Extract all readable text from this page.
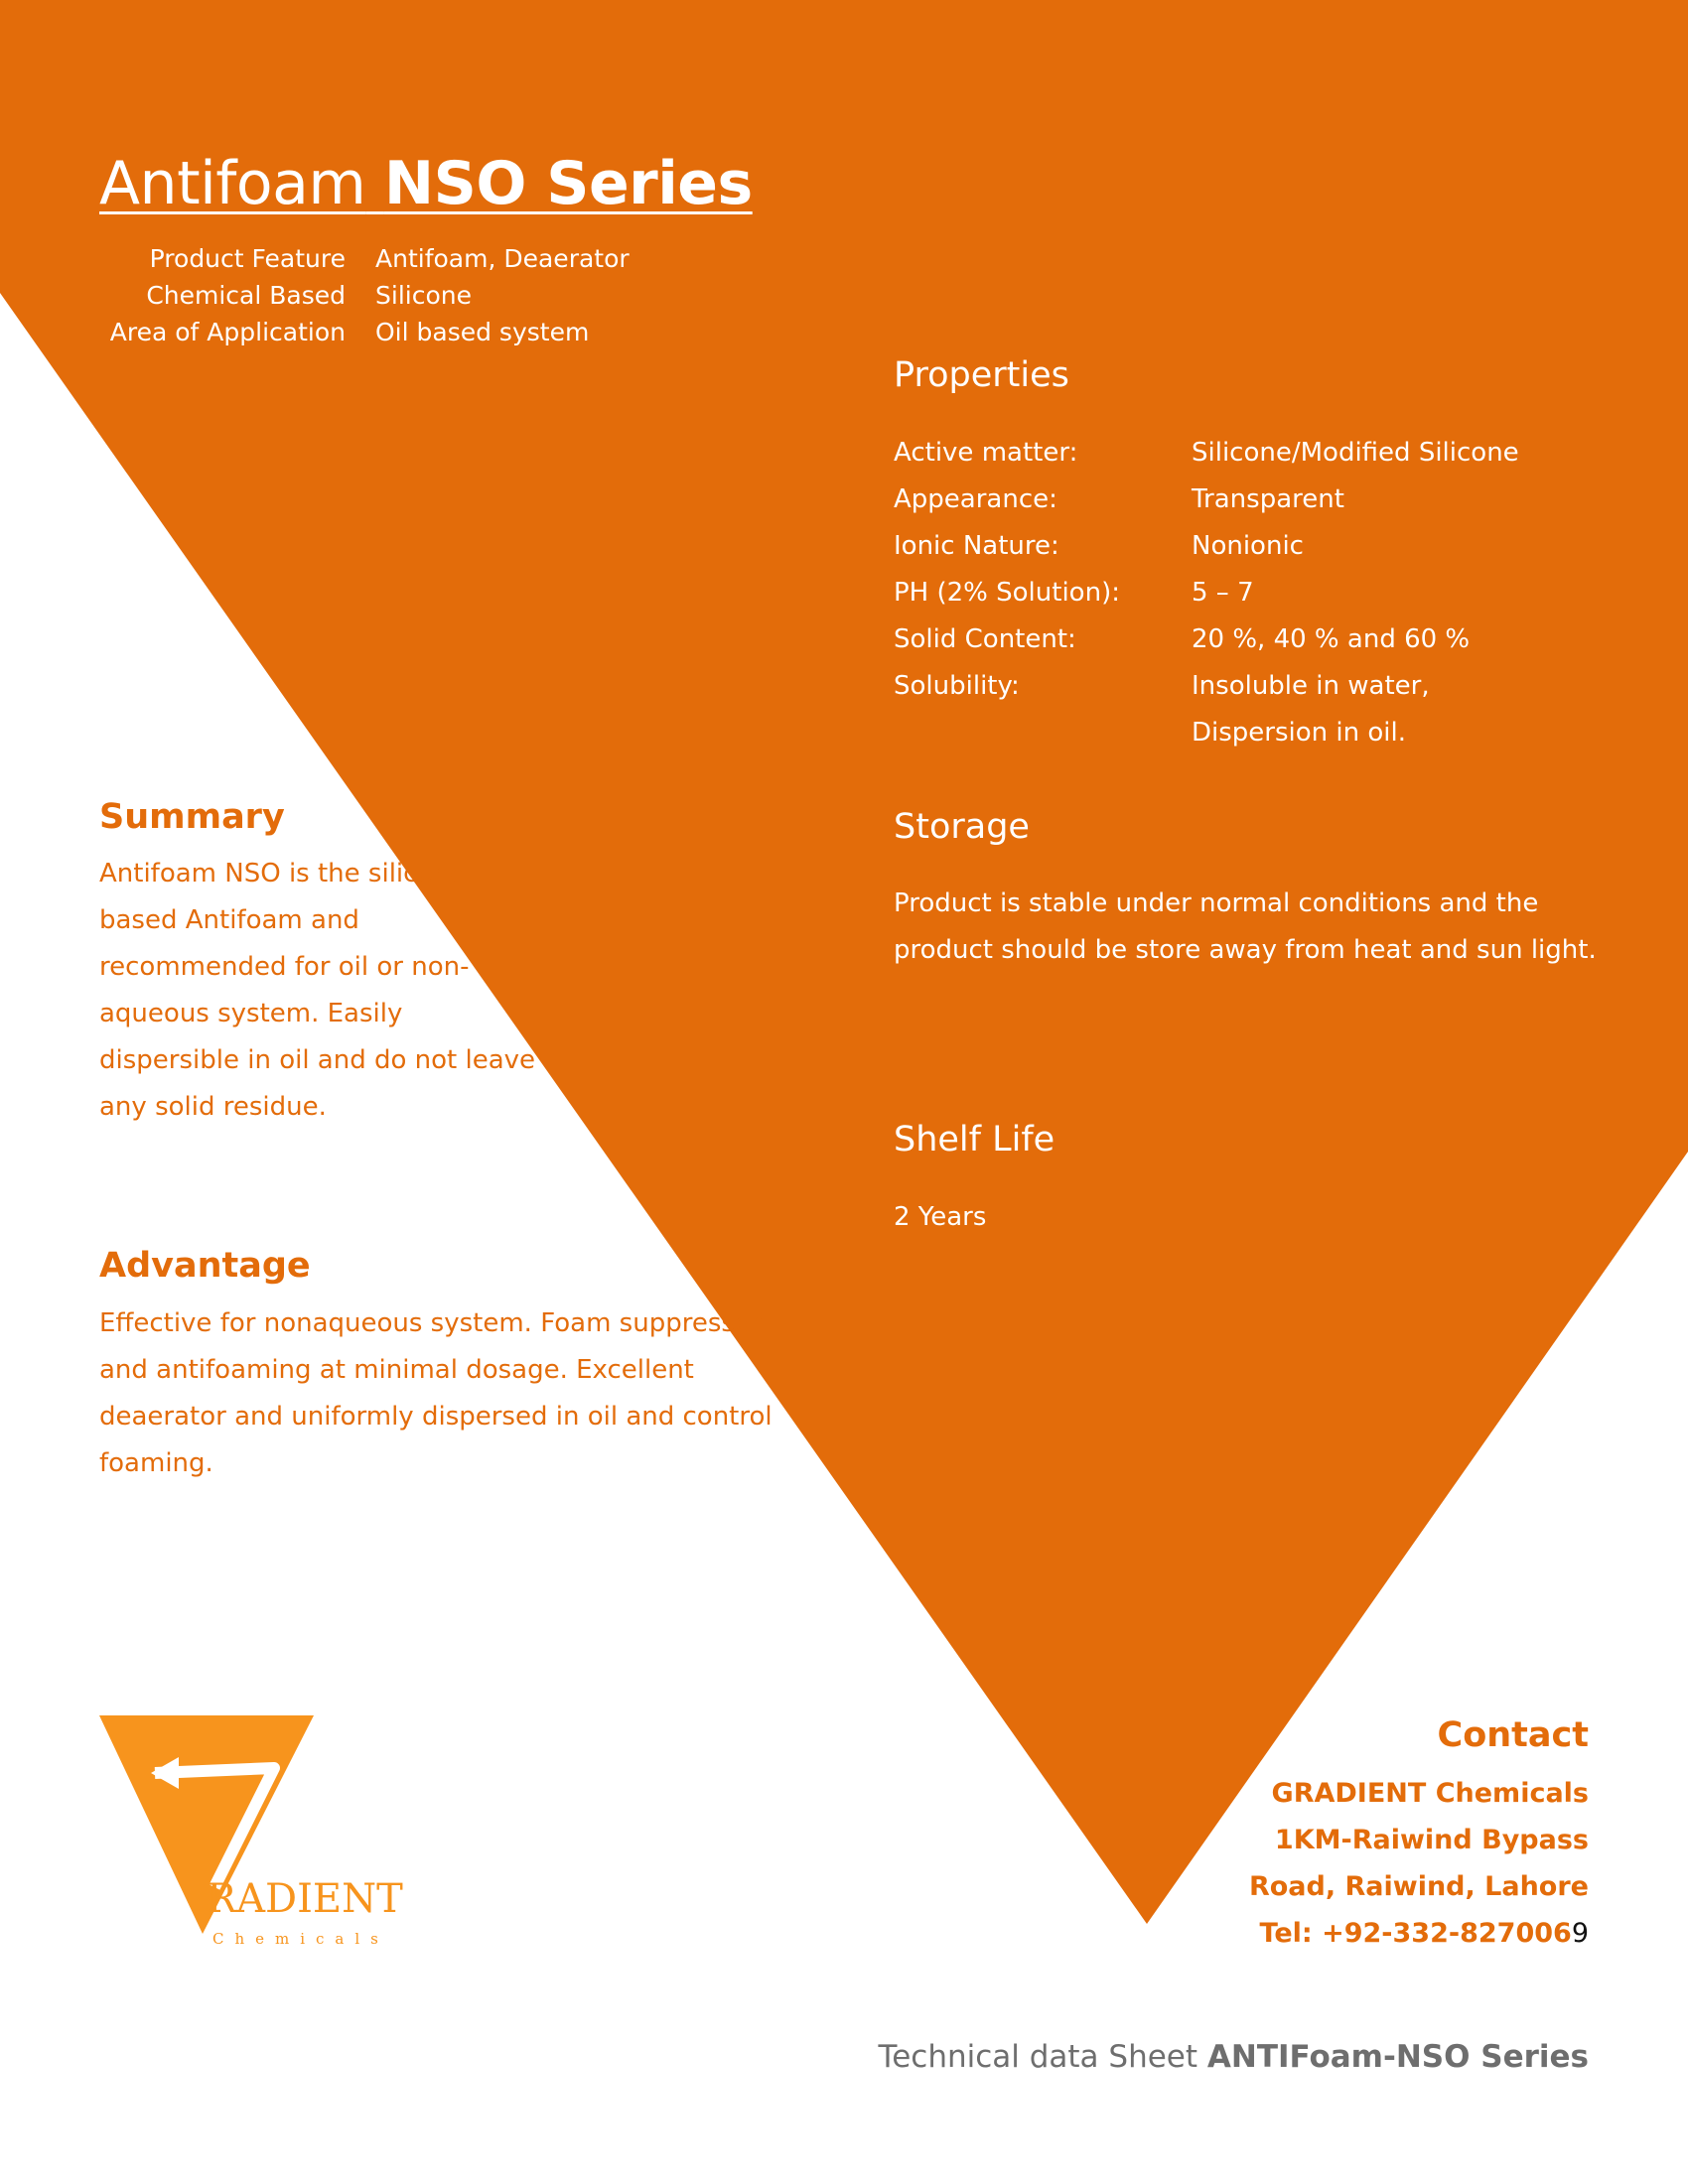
Antifoam NSO Series
Product Feature	Antifoam, Deaerator
Chemical Based	Silicone
Area of Application	Oil based system
Properties
Active matter:	Silicone/Modified Silicone
Appearance:	Transparent
Ionic Nature:	Nonionic
PH (2% Solution):	5 – 7
Solid Content:	20 %, 40 % and 60 %
Solubility:	Insoluble in water,
	Dispersion in oil.
Storage

Product is stable under normal conditions and the product should be store away from heat and sun light.

Shelf Life

2 Years

Summary

Antifoam NSO is the silicone based Antifoam and recommended for oil or non-aqueous system. Easily dispersible in oil and do not leave any solid residue.

Advantage

Effective for nonaqueous system. Foam suppressor and antifoaming at minimal dosage. Excellent deaerator and uniformly dispersed in oil and control foaming.

RADIENT
Chemicals
Contact
GRADIENT Chemicals
1KM-Raiwind Bypass
Road, Raiwind, Lahore
Tel: +92-332-8270069
Technical data Sheet ANTIFoam-NSO Series
